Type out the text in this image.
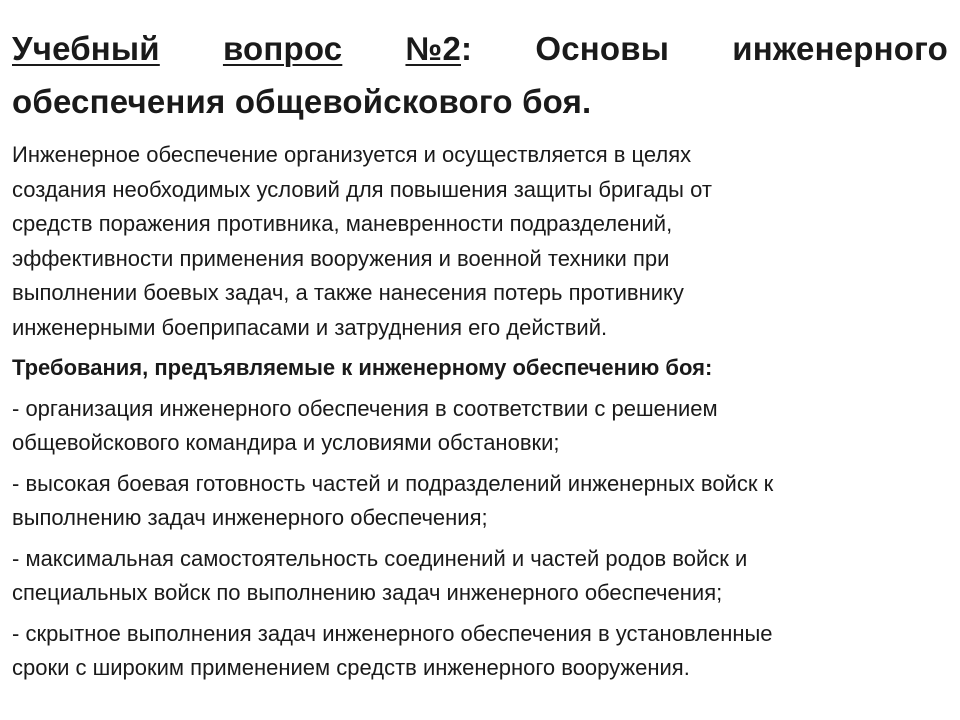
Учебный вопрос №2: Основы инженерного
обеспечения общевойскового боя.
Инженерное обеспечение организуется и осуществляется в целях
создания необходимых условий для повышения защиты бригады от
средств поражения противника, маневренности подразделений,
эффективности применения вооружения и военной техники при
выполнении боевых задач, а также нанесения потерь противнику
инженерными боеприпасами и затруднения его действий.
Требования, предъявляемые к инженерному обеспечению боя:
- организация инженерного обеспечения в соответствии с решением
общевойскового командира и условиями обстановки;
- высокая боевая готовность частей и подразделений инженерных войск к
выполнению задач инженерного обеспечения;
- максимальная самостоятельность соединений и частей родов войск и
специальных войск по выполнению задач инженерного обеспечения;
- скрытное выполнения задач инженерного обеспечения в установленные
сроки с широким применением средств инженерного вооружения.
